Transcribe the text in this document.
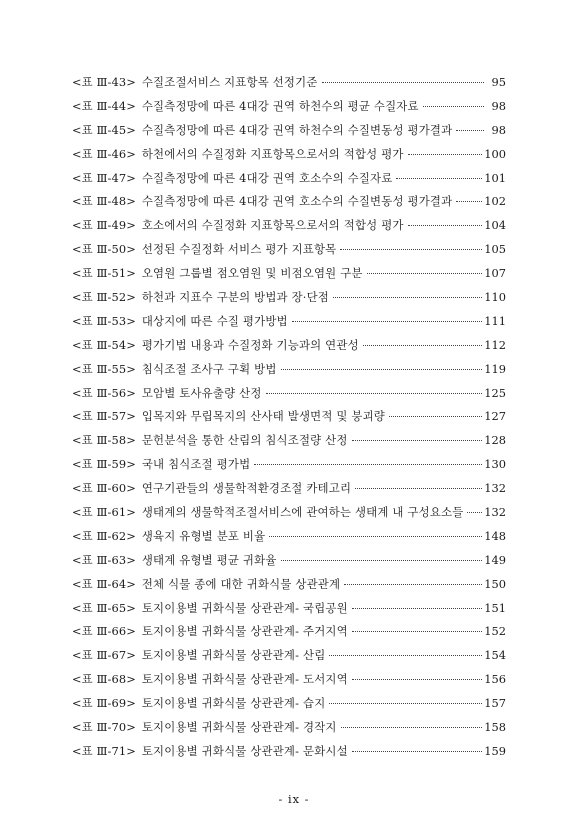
<표 Ⅲ-43> 수질조절서비스 지표항목 선정기준	95
<표 Ⅲ-44> 수질측정망에 따른 4대강 권역 하천수의 평균 수질자료	98
<표 Ⅲ-45> 수질측정망에 따른 4대강 권역 하천수의 수질변동성 평가결과	98
<표 Ⅲ-46> 하천에서의 수질정화 지표항목으로서의 적합성 평가	100
<표 Ⅲ-47> 수질측정망에 따른 4대강 권역 호소수의 수질자료	101
<표 Ⅲ-48> 수질측정망에 따른 4대강 권역 호소수의 수질변동성 평가결과	102
<표 Ⅲ-49> 호소에서의 수질정화 지표항목으로서의 적합성 평가	104
<표 Ⅲ-50> 선정된 수질정화 서비스 평가 지표항목	105
<표 Ⅲ-51> 오염원 그룹별 점오염원 및 비점오염원 구분	107
<표 Ⅲ-52> 하천과 지표수 구분의 방법과 장·단점	110
<표 Ⅲ-53> 대상지에 따른 수질 평가방법	111
<표 Ⅲ-54> 평가기법 내용과 수질정화 기능과의 연관성	112
<표 Ⅲ-55> 침식조절 조사구 구획 방법	119
<표 Ⅲ-56> 모암별 토사유출량 산정	125
<표 Ⅲ-57> 입목지와 무립목지의 산사태 발생면적 및 붕괴량	127
<표 Ⅲ-58> 문헌분석을 통한 산림의 침식조절량 산정	128
<표 Ⅲ-59> 국내 침식조절 평가법	130
<표 Ⅲ-60> 연구기관들의 생물학적환경조절 카테고리	132
<표 Ⅲ-61> 생태계의 생물학적조절서비스에 관여하는 생태계 내 구성요소들 132
<표 Ⅲ-62> 생육지 유형별 분포 비율	148
<표 Ⅲ-63> 생태계 유형별 평균 귀화율	149
<표 Ⅲ-64> 전체 식물 종에 대한 귀화식물 상관관계	150
<표 Ⅲ-65> 토지이용별 귀화식물 상관관계- 국립공원	151
<표 Ⅲ-66> 토지이용별 귀화식물 상관관계- 주거지역	152
<표 Ⅲ-67> 토지이용별 귀화식물 상관관계- 산림	154
<표 Ⅲ-68> 토지이용별 귀화식물 상관관계- 도서지역	156
<표 Ⅲ-69> 토지이용별 귀화식물 상관관계- 습지	157
<표 Ⅲ-70> 토지이용별 귀화식물 상관관계- 경작지	158
<표 Ⅲ-71> 토지이용별 귀화식물 상관관계- 문화시설	159
- ix -
